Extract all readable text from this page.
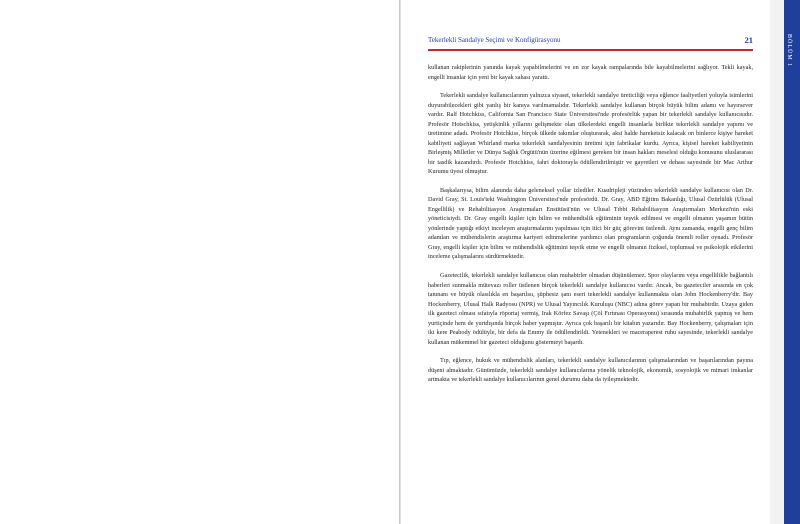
BÖLÜM 1
Tekerlekli Sandalye Seçimi ve Konfigürasyonu	21

kullanan rakiplerinin yanında kayak yapabilmelerini ve en zor kayak rampalarında bile kayabilmelerini sağlıyor. Tekli kayak, engelli insanlar için yeni bir kayak sahası yarattı.

Tekerlekli sandalye kullanıcılarının yalnızca siyaset, tekerlekli sandalye üreticiliği veya eğlence faaliyetleri yoluyla isimlerini duyurabilecekleri gibi yanlış bir kanıya varılmamalıdır. Tekerlekli sandalye kullanan birçok büyük bilim adamı ve hayırsever vardır. Ralf Hotchkiss, California San Francisco State Üniversitesi'nde profesörlük yapan bir tekerlekli sandalye kullanıcısıdır. Profesör Hotschkiss, yetişkinlik yıllarını gelişmekte olan ülkelerdeki engelli insanlarla birlikte tekerlekli sandalye yapımı ve üretimine adadı. Profesör Hotchkiss, birçok ülkede takımlar oluşturarak, aksi halde hareketsiz kalacak on binlerce kişiye hareket kabiliyeti sağlayan Whirland marka tekerlekli sandalyesinin üretimi için fabrikalar kurdu. Ayrıca, kişisel hareket kabiliyetinin Birleşmiş Milletler ve Dünya Sağlık Örgütü'nün üzerine eğilmesi gereken bir insan hakları meselesi olduğu konusunu uluslararası bir tasdik kazandırdı. Profesör Hotchkiss, fahri doktorayla ödüllendirilmiştir ve gayretleri ve dehası sayesinde bir Mac Arthur Kurumu üyesi olmuştur.

Başkalarıysa, bilim alanında daha geleneksel yollar izlediler. Kuadripleji yüzünden tekerlekli sandalye kullanıcısı olan Dr. David Gray, St. Louis'teki Washington Üniversitesi'nde profesördü. Dr. Gray, ABD Eğitim Bakanlığı, Ulusal Özürlülük (Ulusal Engellilik) ve Rehabilitasyon Araştırmaları Enstitüsü'nün ve Ulusal Tıbbi Rehabilitasyon Araştırmaları Merkezi'nin eski yöneticisiydi. Dr. Gray engelli kişiler için bilim ve mühendislik eğitiminin teşvik edilmesi ve engelli olmanın yaşamın bütün yönlerinde yaptığı etkiyi inceleyen araştırmalarını yapılması için itici bir güç görevini üstlendi. Aynı zamanda, engelli genç bilim adamları ve mühendislerin araştırma kariyeri edinmelerine yardımcı olan programların çoğunda önemli roller oynadı. Profesör Gray, engelli kişiler için bilim ve mühendislik eğitimini teşvik etme ve engelli olmanın fiziksel, toplumsal ve psikolojik etkilerini inceleme çalışmalarını sürdürmektedir.

Gazetecilik, tekerlekli sandalye kullanıcısı olan muhabirler olmadan düşünülemez. Spor olaylarını veya engellilikle bağlantılı haberleri sunmakla mütevazı roller üstlenen birçok tekerlekli sandalye kullanıcısı vardır. Ancak, bu gazeteciler arasında en çok tanınanı ve büyük olasılıkla en başarılısı, şüphesiz şanı eseri tekerlekli sandalye kullanmakta olan John Hockenberry'dir. Bay Hockenberry, Ulusal Halk Radyosu (NPR) ve Ulusal Yayıncılık Kuruluşu (NBC) adına görev yapan bir muhabirdir. Uzaya giden ilk gazeteci olması sıfatıyla röportaj vermiş, Irak Körfez Savaşı (Çöl Fırtınası Operasyonu) sırasında muhabirlik yapmış ve hem yurtiçinde hem de yurtdışında birçok haber yapmıştır. Ayrıca çok başarılı bir kitabın yazarıdır. Bay Hockenberry, çalışmaları için iki kere Peabody ödülüyle, bir defa da Emmy ile ödüllendirildi. Yetenekleri ve maceraperest ruhu sayesinde, tekerlekli sandalye kullanan mükemmel bir gazeteci olduğunu göstermeyi başardı.

Tıp, eğlence, hukuk ve mühendislik alanları, tekerlekli sandalye kullanıcılarının çalışmalarından ve başarılarından payına düşeni almaktadır. Günümüzde, tekerlekli sandalye kullanıcılarına yönelik teknolojik, ekonomik, sosyolojik ve mimari imkanlar artmakta ve tekerlekli sandalye kullanıcılarının genel durumu daha da iyileşmektedir.
